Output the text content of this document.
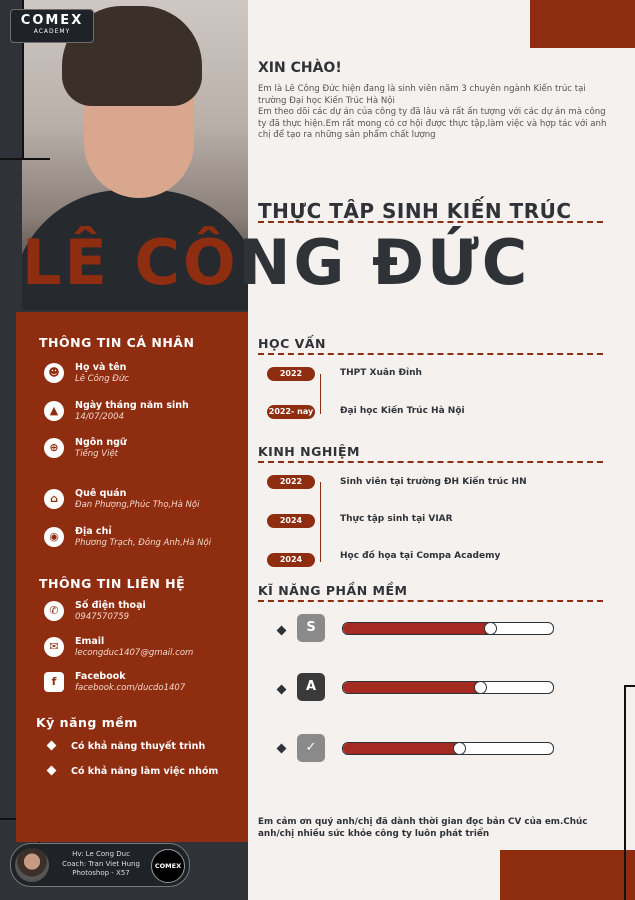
COMEX
ACADEMY
XIN CHÀO!
Em là Lê Công Đức hiện đang là sinh viên năm 3 chuyên ngành Kiến trúc tại trường Đại học Kiến Trúc Hà Nội
Em theo dõi các dự án của công ty đã lâu và rất ấn tượng với các dự án mà công ty đã thực hiện.Em rất mong có cơ hội được thực tập,làm việc và hợp tác với anh chị để tạo ra những sản phẩm chất lượng
THỰC TẬP SINH KIẾN TRÚC
LÊ CÔNG ĐỨC
THÔNG TIN CÁ NHÂN
☻	Họ và tên
Lê Công Đức
▲	Ngày tháng năm sinh
14/07/2004
⊕	Ngôn ngữ
Tiếng Việt
⌂	Quê quán
Đan Phượng,Phúc Thọ,Hà Nội
◉	Địa chỉ
Phương Trạch, Đông Anh,Hà Nội
THÔNG TIN LIÊN HỆ
✆	Số điện thoại
0947570759
✉	Email
lecongduc1407@gmail.com
f	Facebook
facebook.com/ducdo1407
Kỹ năng mềm
Có khả năng thuyết trình
Có khả năng làm việc nhóm
HỌC VẤN
2022	THPT Xuân Đỉnh
2022- nay	Đại học Kiến Trúc Hà Nội
KINH NGHIỆM
2022	Sinh viên tại trường ĐH Kiến trúc HN
2024	Thực tập sinh tại VIAR
2024	Học đồ họa tại Compa Academy
KĨ NĂNG PHẦN MỀM
S
A
✓
Em cảm ơn quý anh/chị đã dành thời gian đọc bản CV của em.Chúc anh/chị nhiều sức khỏe công ty luôn phát triển
Hv: Le Cong Duc
Coach: Tran Viet Hung
Photoshop - X57
COMEX
